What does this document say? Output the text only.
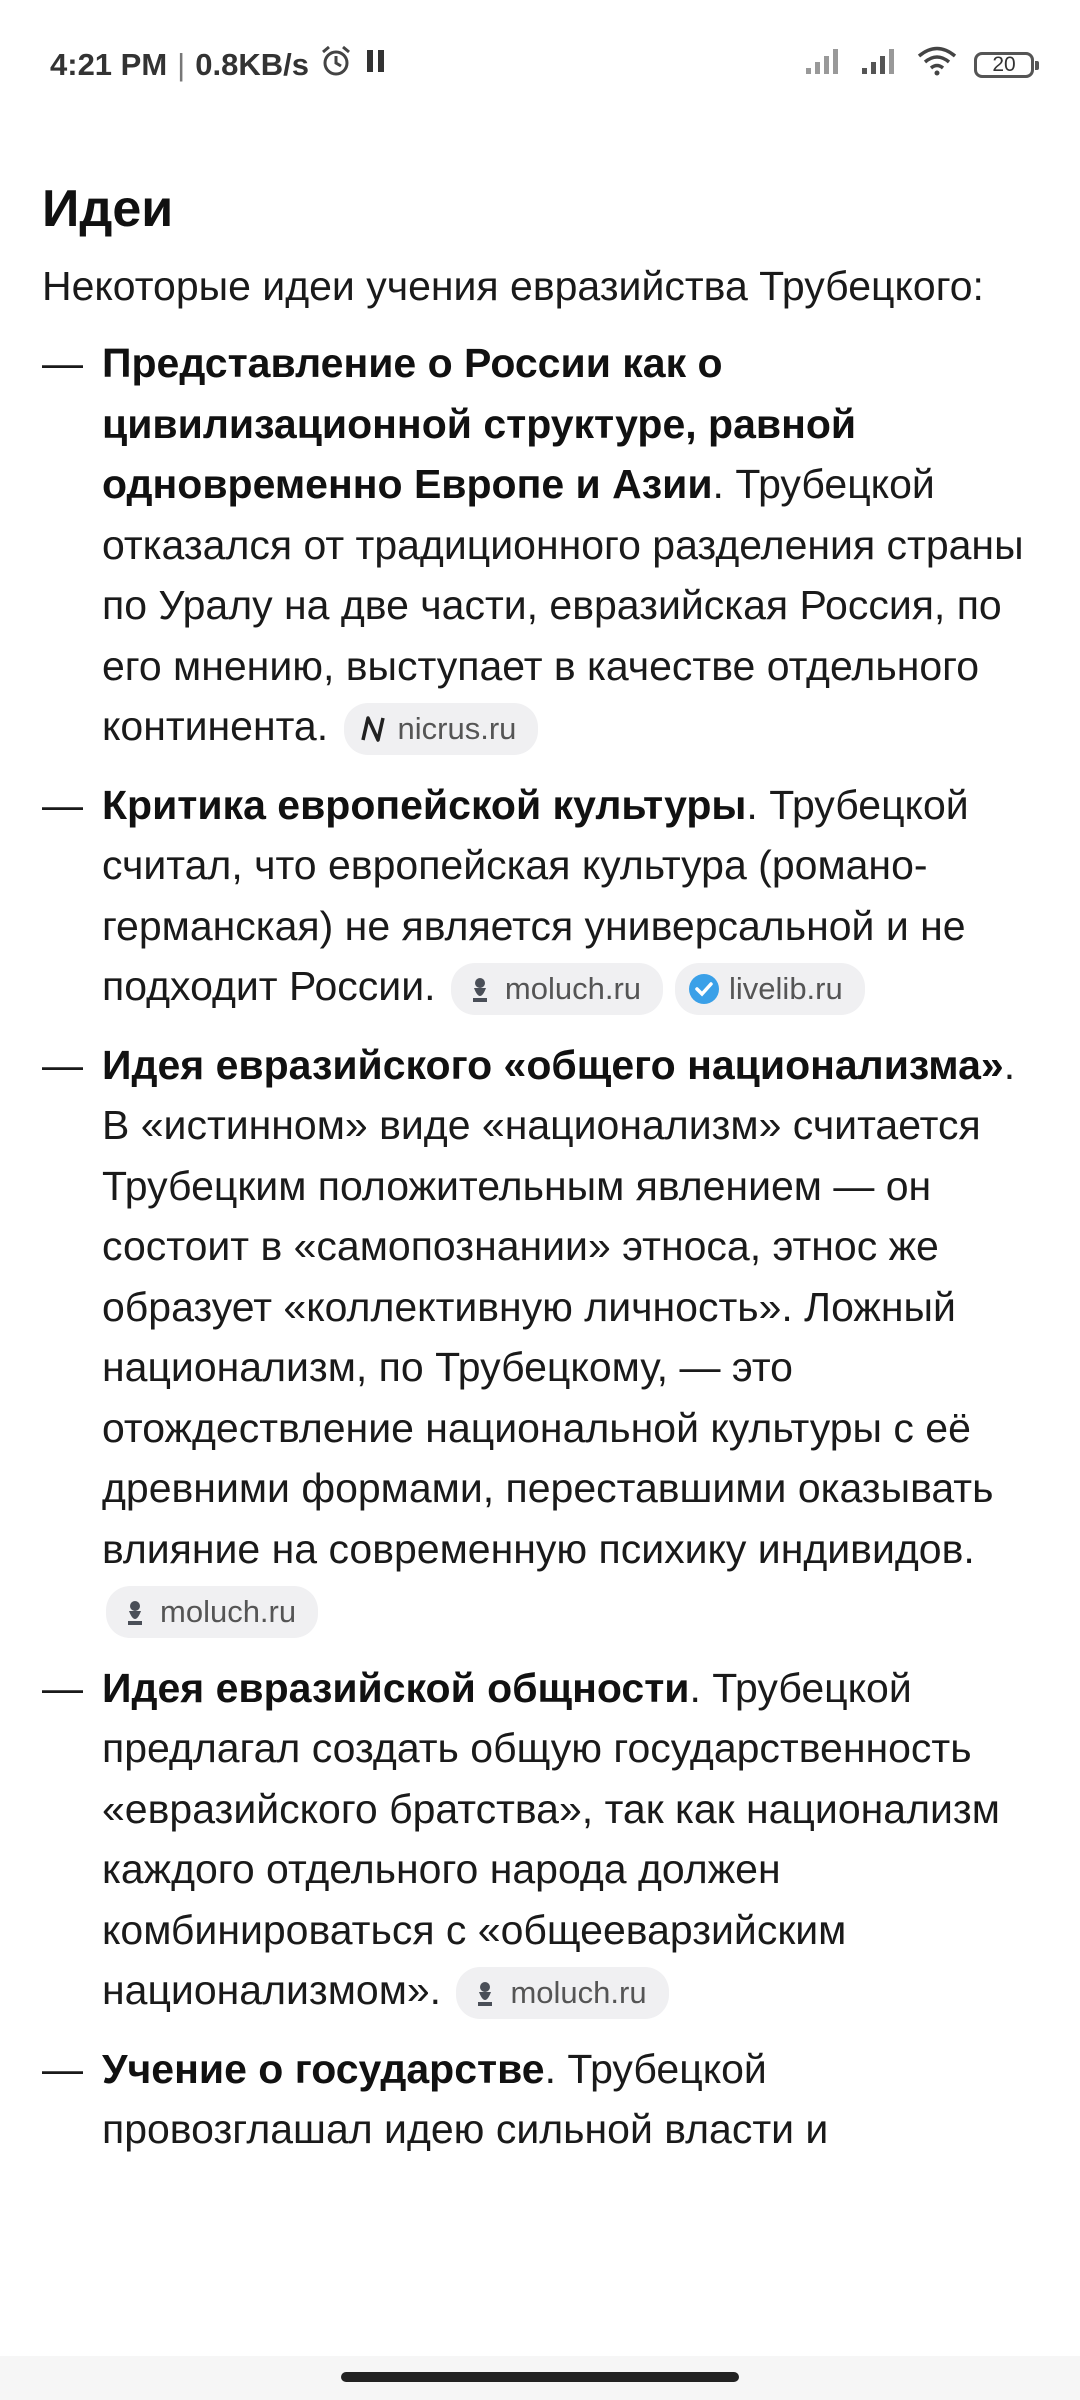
4:21 PM | 0.8KB/s	20
Идеи

Некоторые идеи учения евразийства Трубецкого:

— Представление о России как о цивилизационной структуре, равной одновременно Европе и Азии. Трубецкой отказался от традиционного разделения страны по Уралу на две части, евразийская Россия, по его мнению, выступает в качестве отдельного континента. nicrus.ru
— Критика европейской культуры. Трубецкой считал, что европейская культура (романо-германская) не является универсальной и не подходит России. moluch.ru	livelib.ru
— Идея евразийского «общего национализма». В «истинном» виде «национализм» считается Трубецким положительным явлением — он состоит в «самопознании» этноса, этнос же образует «коллективную личность». Ложный национализм, по Трубецкому, — это отождествление национальной культуры с её древними формами, переставшими оказывать влияние на современную психику индивидов.
moluch.ru
— Идея евразийской общности. Трубецкой предлагал создать общую государственность «евразийского братства», так как национализм каждого отдельного народа должен комбинироваться с «общееварзийским национализмом». moluch.ru
— Учение о государстве. Трубецкой провозглашал идею сильной власти и
